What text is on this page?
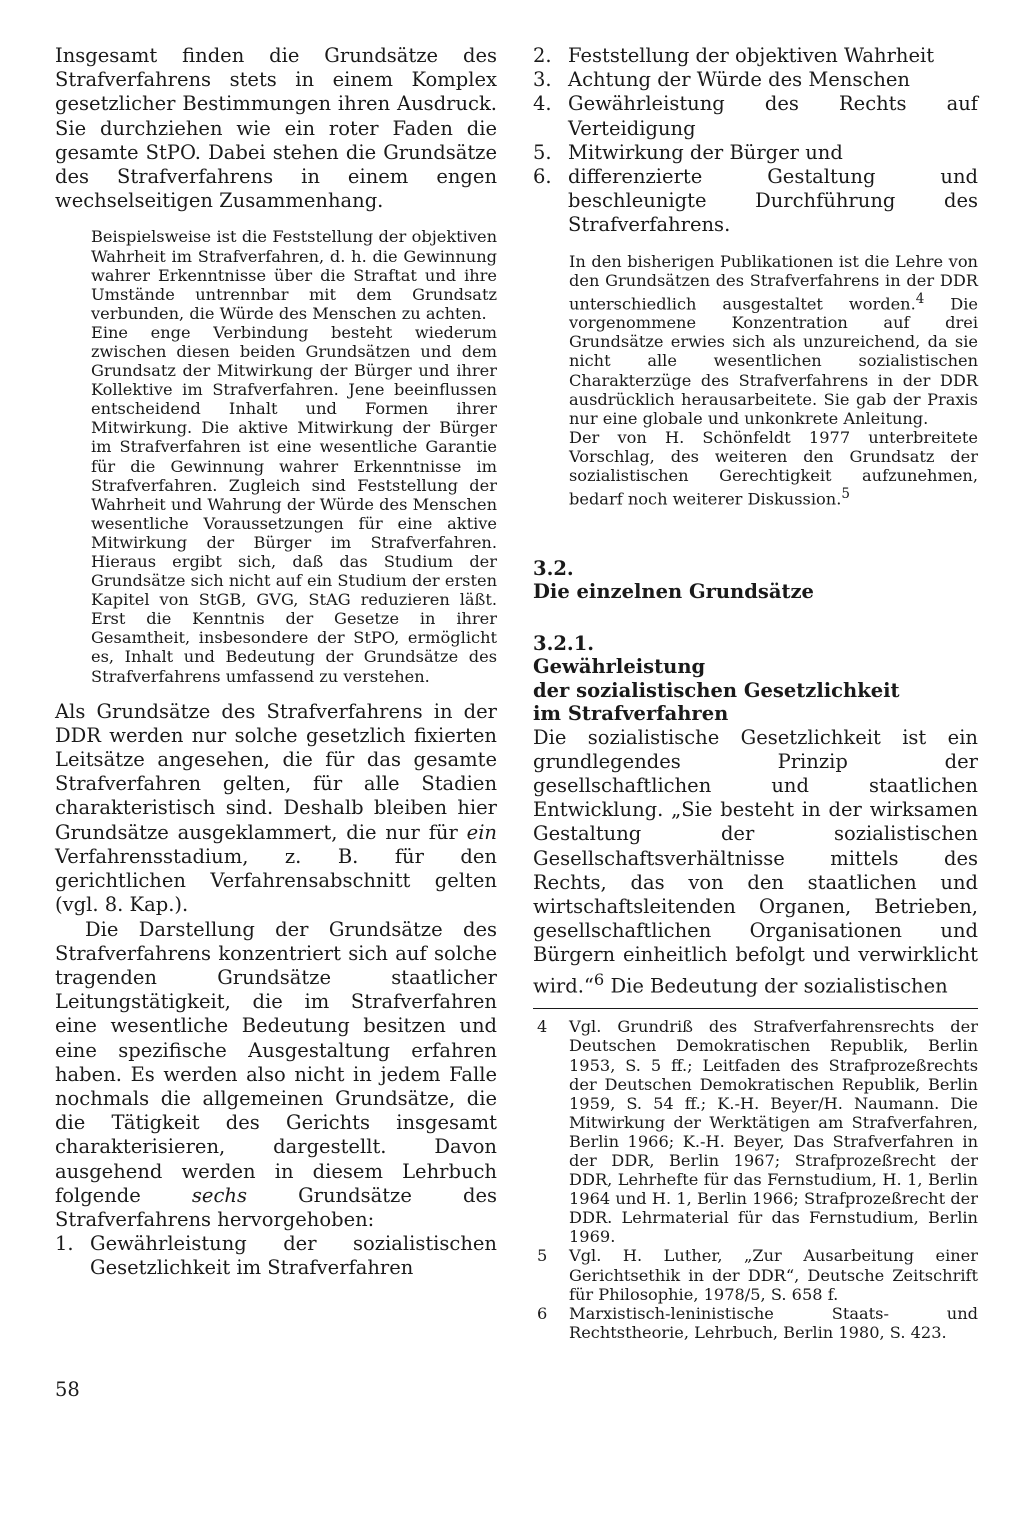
Insgesamt finden die Grundsätze des Strafverfahrens stets in einem Komplex gesetzlicher Bestimmungen ihren Ausdruck. Sie durchziehen wie ein roter Faden die gesamte StPO. Dabei stehen die Grundsätze des Strafverfahrens in einem engen wechselseitigen Zusammenhang.

Beispielsweise ist die Feststellung der objektiven Wahrheit im Strafverfahren, d. h. die Gewinnung wahrer Erkenntnisse über die Straftat und ihre Umstände untrennbar mit dem Grundsatz verbunden, die Würde des Menschen zu achten.

Eine enge Verbindung besteht wiederum zwischen diesen beiden Grundsätzen und dem Grundsatz der Mitwirkung der Bürger und ihrer Kollektive im Strafverfahren. Jene beeinflussen entscheidend Inhalt und Formen ihrer Mitwirkung. Die aktive Mitwirkung der Bürger im Strafverfahren ist eine wesentliche Garantie für die Gewinnung wahrer Erkenntnisse im Strafverfahren. Zugleich sind Feststellung der Wahrheit und Wahrung der Würde des Menschen wesentliche Voraussetzungen für eine aktive Mitwirkung der Bürger im Strafverfahren. Hieraus ergibt sich, daß das Studium der Grundsätze sich nicht auf ein Studium der ersten Kapitel von StGB, GVG, StAG reduzieren läßt. Erst die Kenntnis der Gesetze in ihrer Gesamtheit, insbesondere der StPO, ermöglicht es, Inhalt und Bedeutung der Grundsätze des Strafverfahrens umfassend zu verstehen.

Als Grundsätze des Strafverfahrens in der DDR werden nur solche gesetzlich fixierten Leitsätze angesehen, die für das gesamte Strafverfahren gelten, für alle Stadien charakteristisch sind. Deshalb bleiben hier Grundsätze ausgeklammert, die nur für ein Verfahrensstadium, z. B. für den gerichtlichen Verfahrensabschnitt gelten (vgl. 8. Kap.).

Die Darstellung der Grundsätze des Strafverfahrens konzentriert sich auf solche tragenden Grundsätze staatlicher Leitungstätigkeit, die im Strafverfahren eine wesentliche Bedeutung besitzen und eine spezifische Ausgestaltung erfahren haben. Es werden also nicht in jedem Falle nochmals die allgemeinen Grundsätze, die die Tätigkeit des Gerichts insgesamt charakterisieren, dargestellt. Davon ausgehend werden in diesem Lehrbuch folgende sechs Grundsätze des Strafverfahrens hervorgehoben:

1. Gewährleistung der sozialistischen Gesetzlichkeit im Strafverfahren
58
2. Feststellung der objektiven Wahrheit
3. Achtung der Würde des Menschen
4. Gewährleistung des Rechts auf Verteidigung
5. Mitwirkung der Bürger und
6. differenzierte Gestaltung und beschleunigte Durchführung des Strafverfahrens.

In den bisherigen Publikationen ist die Lehre von den Grundsätzen des Strafverfahrens in der DDR unterschiedlich ausgestaltet worden.$^4$ Die vorgenommene Konzentration auf drei Grundsätze erwies sich als unzureichend, da sie nicht alle wesentlichen sozialistischen Charakterzüge des Strafverfahrens in der DDR ausdrücklich herausarbeitete. Sie gab der Praxis nur eine globale und unkonkrete Anleitung.

Der von H. Schönfeldt 1977 unterbreitete Vorschlag, des weiteren den Grundsatz der sozialistischen Gerechtigkeit aufzunehmen, bedarf noch weiterer Diskussion.$^5$

3.2.
Die einzelnen Grundsätze
3.2.1.
Gewährleistung
der sozialistischen Gesetzlichkeit
im Strafverfahren

Die sozialistische Gesetzlichkeit ist ein grundlegendes Prinzip der gesellschaftlichen und staatlichen Entwicklung. „Sie besteht in der wirksamen Gestaltung der sozialistischen Gesellschaftsverhältnisse mittels des Rechts, das von den staatlichen und wirtschaftsleitenden Organen, Betrieben, gesellschaftlichen Organisationen und Bürgern einheitlich befolgt und verwirklicht wird.“$^6$ Die Bedeutung der sozialistischen

4	Vgl. Grundriß des Strafverfahrensrechts der Deutschen Demokratischen Republik, Berlin 1953, S. 5 ff.; Leitfaden des Strafprozeßrechts der Deutschen Demokratischen Republik, Berlin 1959, S. 54 ff.; K.-H. Beyer/H. Naumann. Die Mitwirkung der Werktätigen am Strafverfahren, Berlin 1966; K.-H. Beyer, Das Strafverfahren in der DDR, Berlin 1967; Strafprozeßrecht der DDR, Lehrhefte für das Fernstudium, H. 1, Berlin 1964 und H. 1, Berlin 1966; Strafprozeßrecht der DDR. Lehrmaterial für das Fernstudium, Berlin 1969.
5	Vgl. H. Luther, „Zur Ausarbeitung einer Gerichtsethik in der DDR“, Deutsche Zeitschrift für Philosophie, 1978/5, S. 658 f.
6	Marxistisch-leninistische Staats- und Rechtstheorie, Lehrbuch, Berlin 1980, S. 423.
